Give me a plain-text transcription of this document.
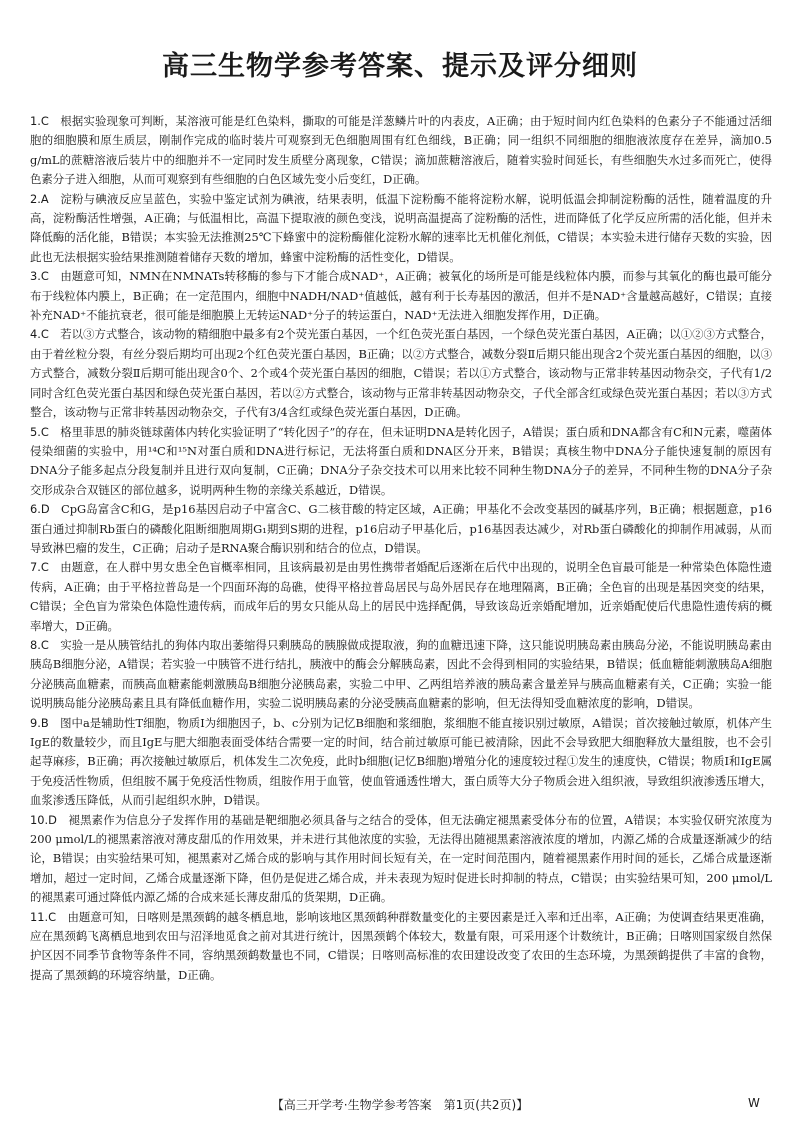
高三生物学参考答案、提示及评分细则

1.C  根据实验现象可判断，某溶液可能是红色染料，撕取的可能是洋葱鳞片叶的内表皮，A正确；由于短时间内红色染料的色素分子不能通过活细胞的细胞膜和原生质层，刚制作完成的临时装片可观察到无色细胞周围有红色细线，B正确；同一组织不同细胞的细胞液浓度存在差异，滴加0.5 g/mL的蔗糖溶液后装片中的细胞并不一定同时发生质壁分离现象，C错误；滴加蔗糖溶液后，随着实验时间延长，有些细胞失水过多而死亡，使得色素分子进入细胞，从而可观察到有些细胞的白色区域先变小后变红，D正确。

2.A  淀粉与碘液反应呈蓝色，实验中鉴定试剂为碘液，结果表明，低温下淀粉酶不能将淀粉水解，说明低温会抑制淀粉酶的活性，随着温度的升高，淀粉酶活性增强，A正确；与低温相比，高温下提取液的颜色变浅，说明高温提高了淀粉酶的活性，进而降低了化学反应所需的活化能，但并未降低酶的活化能，B错误；本实验无法推测25℃下蜂蜜中的淀粉酶催化淀粉水解的速率比无机催化剂低，C错误；本实验未进行储存天数的实验，因此也无法根据实验结果推测随着储存天数的增加，蜂蜜中淀粉酶的活性变化，D错误。

3.C  由题意可知，NMN在NMNATs转移酶的参与下才能合成NAD⁺，A正确；被氧化的场所是可能是线粒体内膜，而参与其氧化的酶也最可能分布于线粒体内膜上，B正确；在一定范围内，细胞中NADH/NAD⁺值越低，越有利于长寿基因的激活，但并不是NAD⁺含量越高越好，C错误；直接补充NAD⁺不能抗衰老，很可能是细胞膜上无转运NAD⁺分子的转运蛋白，NAD⁺无法进入细胞发挥作用，D正确。

4.C  若以③方式整合，该动物的精细胞中最多有2个荧光蛋白基因，一个红色荧光蛋白基因，一个绿色荧光蛋白基因，A正确；以①②③方式整合，由于着丝粒分裂，有丝分裂后期均可出现2个红色荧光蛋白基因，B正确；以②方式整合，减数分裂Ⅱ后期只能出现含2个荧光蛋白基因的细胞，以③方式整合，减数分裂Ⅱ后期可能出现含0个、2个或4个荧光蛋白基因的细胞，C错误；若以①方式整合，该动物与正常非转基因动物杂交，子代有1/2同时含红色荧光蛋白基因和绿色荧光蛋白基因，若以②方式整合，该动物与正常非转基因动物杂交，子代全部含红或绿色荧光蛋白基因；若以③方式整合，该动物与正常非转基因动物杂交，子代有3/4含红或绿色荧光蛋白基因，D正确。

5.C  格里菲思的肺炎链球菌体内转化实验证明了“转化因子”的存在，但未证明DNA是转化因子，A错误；蛋白质和DNA都含有C和N元素，噬菌体侵染细菌的实验中，用¹⁴C和¹⁵N对蛋白质和DNA进行标记，无法将蛋白质和DNA区分开来，B错误；真核生物中DNA分子能快速复制的原因有DNA分子能多起点分段复制并且进行双向复制，C正确；DNA分子杂交技术可以用来比较不同种生物DNA分子的差异，不同种生物的DNA分子杂交形成杂合双链区的部位越多，说明两种生物的亲缘关系越近，D错误。

6.D  CpG岛富含C和G，是p16基因启动子中富含C、G二核苷酸的特定区域，A正确；甲基化不会改变基因的碱基序列，B正确；根据题意，p16蛋白通过抑制Rb蛋白的磷酸化阻断细胞周期G₁期到S期的进程，p16启动子甲基化后，p16基因表达减少，对Rb蛋白磷酸化的抑制作用减弱，从而导致淋巴瘤的发生，C正确；启动子是RNA聚合酶识别和结合的位点，D错误。

7.C  由题意，在人群中男女患全色盲概率相同，且该病最初是由男性携带者婚配后逐渐在后代中出现的，说明全色盲最可能是一种常染色体隐性遗传病，A正确；由于平格拉普岛是一个四面环海的岛礁，使得平格拉普岛居民与岛外居民存在地理隔离，B正确；全色盲的出现是基因突变的结果，C错误；全色盲为常染色体隐性遗传病，而成年后的男女只能从岛上的居民中选择配偶，导致该岛近亲婚配增加，近亲婚配使后代患隐性遗传病的概率增大，D正确。

8.C  实验一是从胰管结扎的狗体内取出萎缩得只剩胰岛的胰腺做成提取液，狗的血糖迅速下降，这只能说明胰岛素由胰岛分泌，不能说明胰岛素由胰岛B细胞分泌，A错误；若实验一中胰管不进行结扎，胰液中的酶会分解胰岛素，因此不会得到相同的实验结果，B错误；低血糖能刺激胰岛A细胞分泌胰高血糖素，而胰高血糖素能刺激胰岛B细胞分泌胰岛素，实验二中甲、乙两组培养液的胰岛素含量差异与胰高血糖素有关，C正确；实验一能说明胰岛能分泌胰岛素且具有降低血糖作用，实验二说明胰岛素的分泌受胰高血糖素的影响，但无法得知受血糖浓度的影响，D错误。

9.B  图中a是辅助性T细胞，物质Ⅰ为细胞因子，b、c分别为记忆B细胞和浆细胞，浆细胞不能直接识别过敏原，A错误；首次接触过敏原，机体产生IgE的数量较少，而且IgE与肥大细胞表面受体结合需要一定的时间，结合前过敏原可能已被清除，因此不会导致肥大细胞释放大量组胺，也不会引起荨麻疹，B正确；再次接触过敏原后，机体发生二次免疫，此时b细胞(记忆B细胞)增殖分化的速度较过程①发生的速度快，C错误；物质Ⅰ和IgE属于免疫活性物质，但组胺不属于免疫活性物质，组胺作用于血管，使血管通透性增大，蛋白质等大分子物质会进入组织液，导致组织液渗透压增大，血浆渗透压降低，从而引起组织水肿，D错误。

10.D  褪黑素作为信息分子发挥作用的基础是靶细胞必须具备与之结合的受体，但无法确定褪黑素受体分布的位置，A错误；本实验仅研究浓度为200 μmol/L的褪黑素溶液对薄皮甜瓜的作用效果，并未进行其他浓度的实验，无法得出随褪黑素溶液浓度的增加，内源乙烯的合成量逐渐减少的结论，B错误；由实验结果可知，褪黑素对乙烯合成的影响与其作用时间长短有关，在一定时间范围内，随着褪黑素作用时间的延长，乙烯合成量逐渐增加，超过一定时间，乙烯合成量逐渐下降，但仍是促进乙烯合成，并未表现为短时促进长时抑制的特点，C错误；由实验结果可知，200 μmol/L的褪黑素可通过降低内源乙烯的合成来延长薄皮甜瓜的货架期，D正确。

11.C  由题意可知，日喀则是黑颈鹤的越冬栖息地，影响该地区黑颈鹤种群数量变化的主要因素是迁入率和迁出率，A正确；为使调查结果更准确，应在黑颈鹤飞离栖息地到农田与沼泽地觅食之前对其进行统计，因黑颈鹤个体较大，数量有限，可采用逐个计数统计，B正确；日喀则国家级自然保护区因不同季节食物等条件不同，容纳黑颈鹤数量也不同，C错误；日喀则高标准的农田建设改变了农田的生态环境，为黑颈鹤提供了丰富的食物，提高了黑颈鹤的环境容纳量，D正确。

【高三开学考·生物学参考答案　第1页(共2页)】	W
